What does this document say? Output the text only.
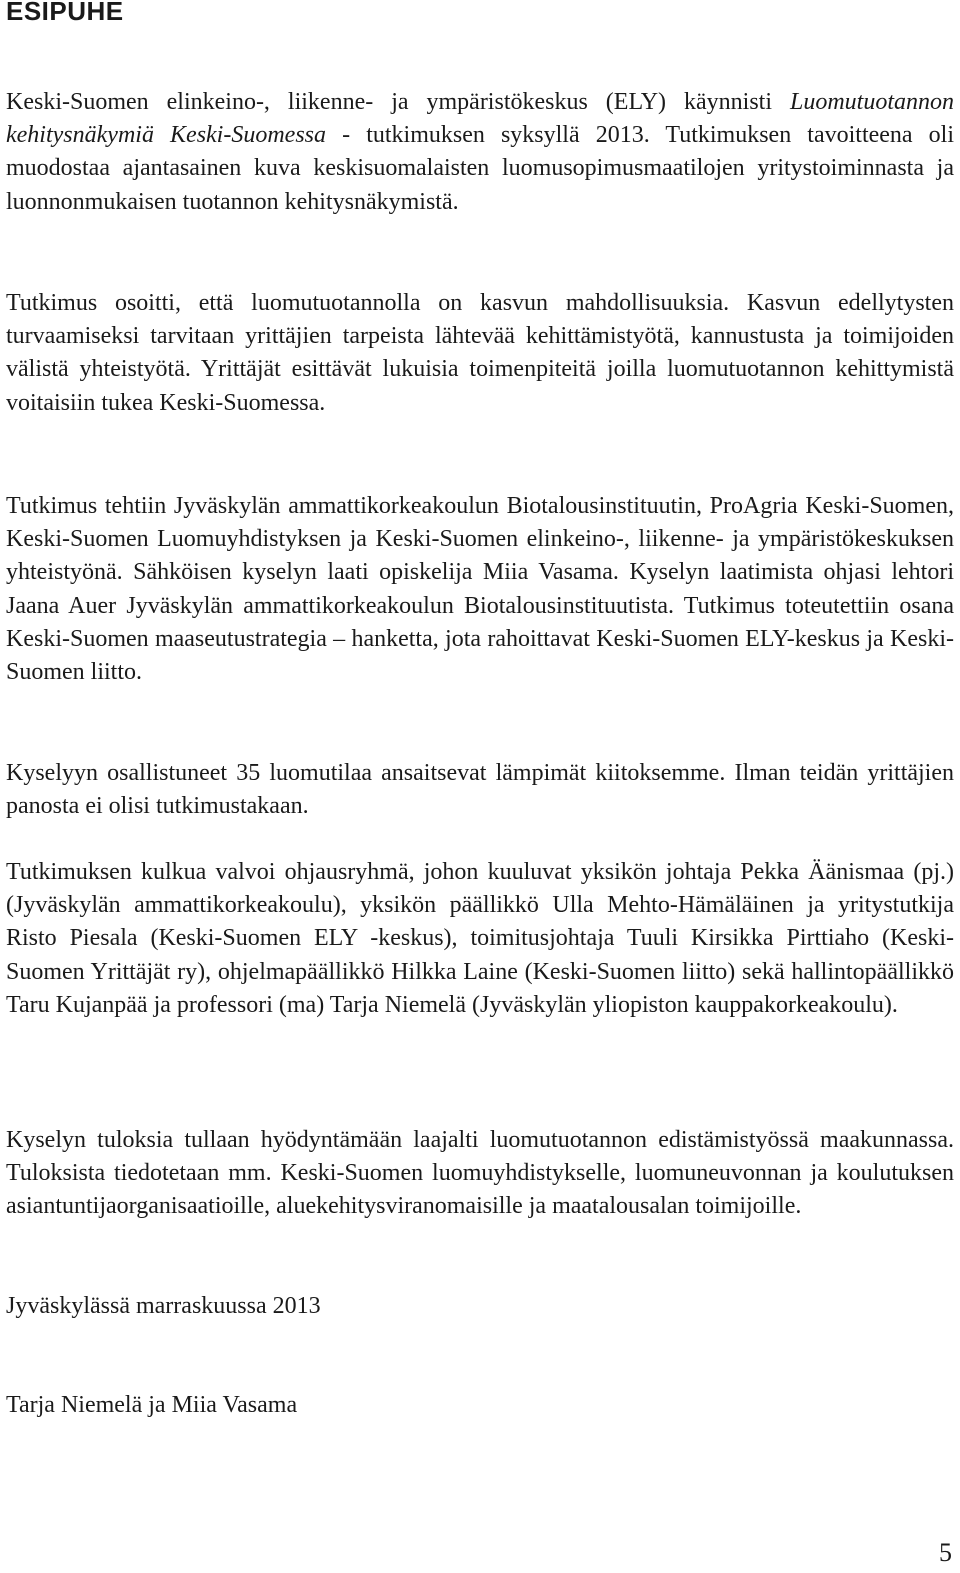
ESIPUHE

Keski-Suomen elinkeino-, liikenne- ja ympäristökeskus (ELY) käynnisti Luomutuotannon kehitysnäkymiä Keski-Suomessa - tutkimuksen syksyllä 2013. Tutkimuksen tavoitteena oli muodostaa ajantasainen kuva keskisuomalaisten luomusopimusmaatilojen yritystoiminnasta ja luonnonmukaisen tuotannon kehitysnäkymistä.

Tutkimus osoitti, että luomutuotannolla on kasvun mahdollisuuksia. Kasvun edellytysten turvaamiseksi tarvitaan yrittäjien tarpeista lähtevää kehittämistyötä, kannustusta ja toimijoiden välistä yhteistyötä. Yrittäjät esittävät lukuisia toimenpiteitä joilla luomutuotannon kehittymistä voitaisiin tukea Keski-Suomessa.

Tutkimus tehtiin Jyväskylän ammattikorkeakoulun Biotalousinstituutin, ProAgria Keski-Suomen, Keski-Suomen Luomuyhdistyksen ja Keski-Suomen elinkeino-, liikenne- ja ympäristökeskuksen yhteistyönä. Sähköisen kyselyn laati opiskelija Miia Vasama. Kyselyn laatimista ohjasi lehtori Jaana Auer Jyväskylän ammattikorkeakoulun Biotalousinstituutista. Tutkimus toteutettiin osana Keski-Suomen maaseutustrategia – hanketta, jota rahoittavat Keski-Suomen ELY-keskus ja Keski-Suomen liitto.

Kyselyyn osallistuneet 35 luomutilaa ansaitsevat lämpimät kiitoksemme. Ilman teidän yrittäjien panosta ei olisi tutkimustakaan.

Tutkimuksen kulkua valvoi ohjausryhmä, johon kuuluvat yksikön johtaja Pekka Äänismaa (pj.) (Jyväskylän ammattikorkeakoulu), yksikön päällikkö Ulla Mehto-Hämäläinen ja yritystutkija Risto Piesala (Keski-Suomen ELY -keskus), toimitusjohtaja Tuuli Kirsikka Pirttiaho (Keski-Suomen Yrittäjät ry), ohjelmapäällikkö Hilkka Laine (Keski-Suomen liitto) sekä hallintopäällikkö Taru Kujanpää ja professori (ma) Tarja Niemelä (Jyväskylän yliopiston kauppakorkeakoulu).

Kyselyn tuloksia tullaan hyödyntämään laajalti luomutuotannon edistämistyössä maakunnassa. Tuloksista tiedotetaan mm. Keski-Suomen luomuyhdistykselle, luomuneuvonnan ja koulutuksen asiantuntijaorganisaatioille, aluekehitysviranomaisille ja maatalousalan toimijoille.

Jyväskylässä marraskuussa 2013

Tarja Niemelä ja Miia Vasama

5
